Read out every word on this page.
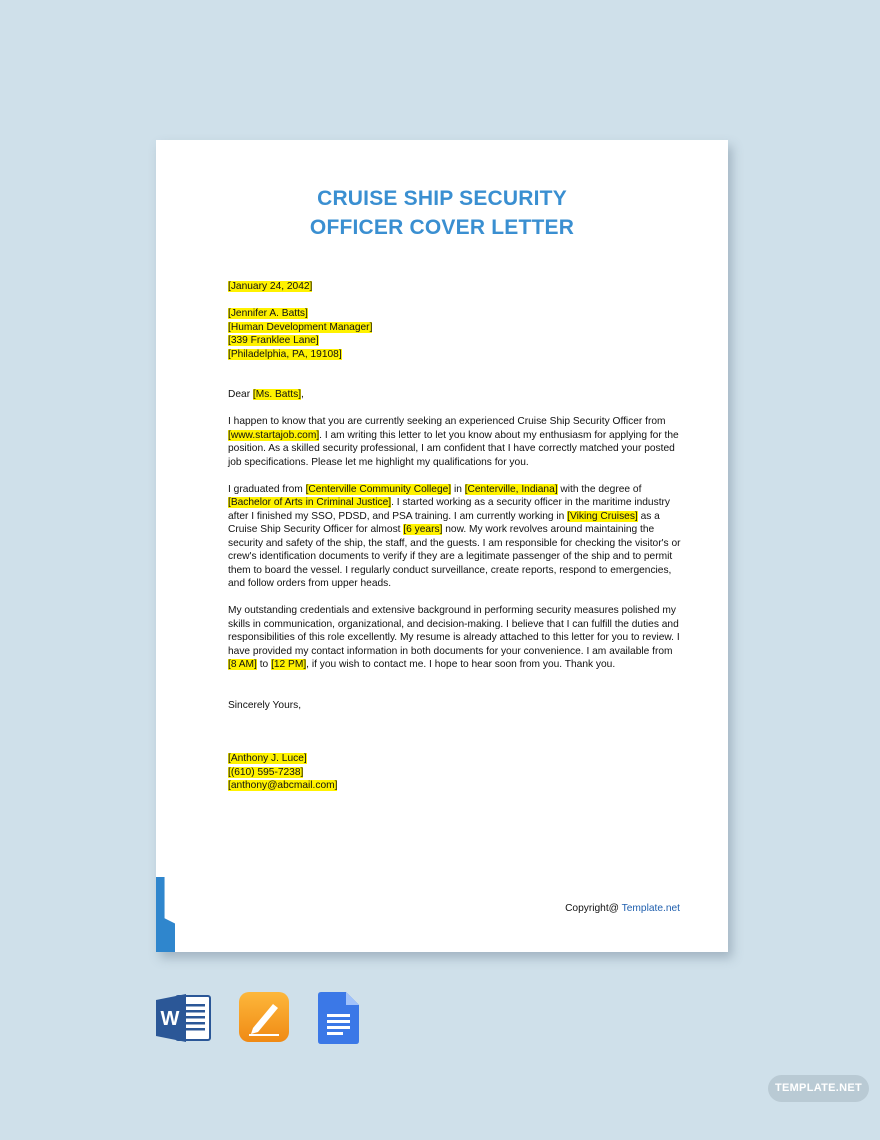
CRUISE SHIP SECURITY
OFFICER COVER LETTER

[January 24, 2042]

[Jennifer A. Batts]
[Human Development Manager]
[339 Franklee Lane]
[Philadelphia, PA, 19108]

Dear [Ms. Batts],

I happen to know that you are currently seeking an experienced Cruise Ship Security Officer from [www.startajob.com]. I am writing this letter to let you know about my enthusiasm for applying for the position. As a skilled security professional, I am confident that I have correctly matched your posted job specifications. Please let me highlight my qualifications for you.

I graduated from [Centerville Community College] in [Centerville, Indiana] with the degree of [Bachelor of Arts in Criminal Justice]. I started working as a security officer in the maritime industry after I finished my SSO, PDSD, and PSA training. I am currently working in [Viking Cruises] as a Cruise Ship Security Officer for almost [6 years] now. My work revolves around maintaining the security and safety of the ship, the staff, and the guests. I am responsible for checking the visitor's or crew's identification documents to verify if they are a legitimate passenger of the ship and to permit them to board the vessel. I regularly conduct surveillance, create reports, respond to emergencies, and follow orders from upper heads.

My outstanding credentials and extensive background in performing security measures polished my skills in communication, organizational, and decision-making. I believe that I can fulfill the duties and responsibilities of this role excellently. My resume is already attached to this letter for you to review. I have provided my contact information in both documents for your convenience. I am available from [8 AM] to [12 PM], if you wish to contact me. I hope to hear soon from you. Thank you.

Sincerely Yours,

[Anthony J. Luce]
[(610) 595-7238]
[anthony@abcmail.com]

Copyright@ Template.net
W
TEMPLATE.NET
